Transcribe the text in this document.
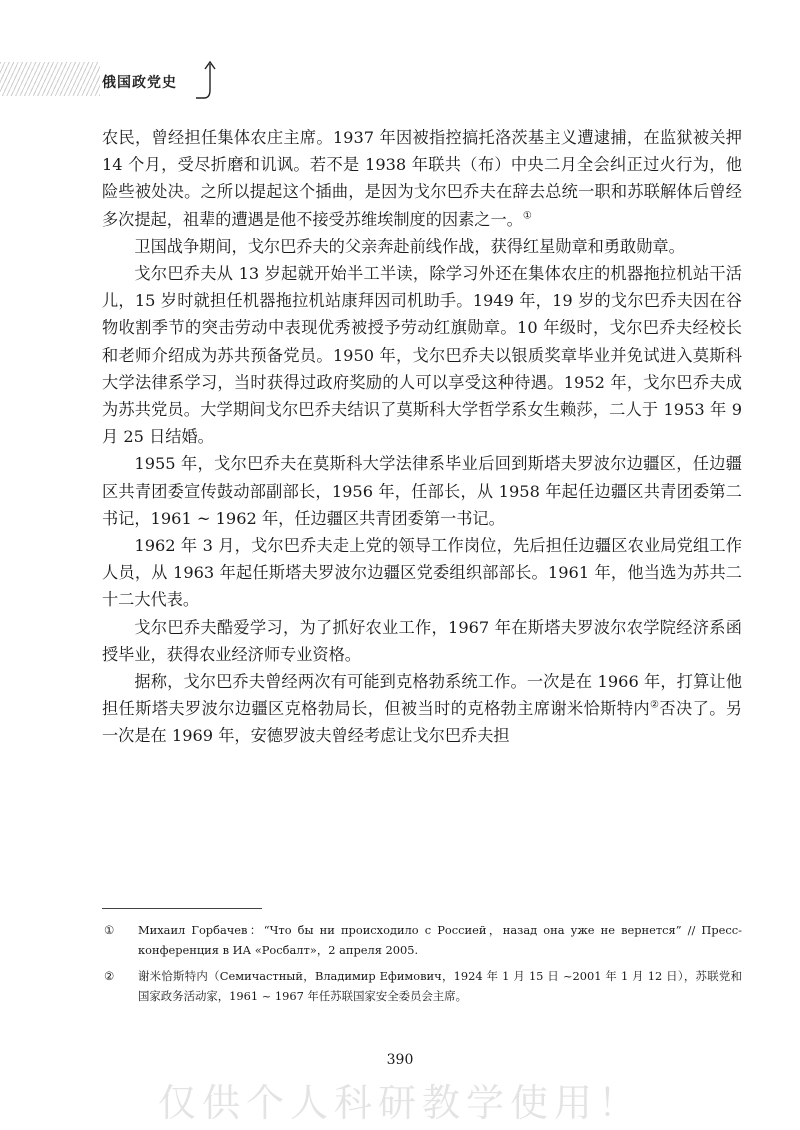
俄国政党史

农民，曾经担任集体农庄主席。1937 年因被指控搞托洛茨基主义遭逮捕，在监狱被关押 14 个月，受尽折磨和讥讽。若不是 1938 年联共（布）中央二月全会纠正过火行为，他险些被处决。之所以提起这个插曲，是因为戈尔巴乔夫在辞去总统一职和苏联解体后曾经多次提起，祖辈的遭遇是他不接受苏维埃制度的因素之一。①

卫国战争期间，戈尔巴乔夫的父亲奔赴前线作战，获得红星勋章和勇敢勋章。

戈尔巴乔夫从 13 岁起就开始半工半读，除学习外还在集体农庄的机器拖拉机站干活儿，15 岁时就担任机器拖拉机站康拜因司机助手。1949 年，19 岁的戈尔巴乔夫因在谷物收割季节的突击劳动中表现优秀被授予劳动红旗勋章。10 年级时，戈尔巴乔夫经校长和老师介绍成为苏共预备党员。1950 年，戈尔巴乔夫以银质奖章毕业并免试进入莫斯科大学法律系学习，当时获得过政府奖励的人可以享受这种待遇。1952 年，戈尔巴乔夫成为苏共党员。大学期间戈尔巴乔夫结识了莫斯科大学哲学系女生赖莎，二人于 1953 年 9 月 25 日结婚。

1955 年，戈尔巴乔夫在莫斯科大学法律系毕业后回到斯塔夫罗波尔边疆区，任边疆区共青团委宣传鼓动部副部长，1956 年，任部长，从 1958 年起任边疆区共青团委第二书记，1961 ~ 1962 年，任边疆区共青团委第一书记。

1962 年 3 月，戈尔巴乔夫走上党的领导工作岗位，先后担任边疆区农业局党组工作人员，从 1963 年起任斯塔夫罗波尔边疆区党委组织部部长。1961 年，他当选为苏共二十二大代表。

戈尔巴乔夫酷爱学习，为了抓好农业工作，1967 年在斯塔夫罗波尔农学院经济系函授毕业，获得农业经济师专业资格。

据称，戈尔巴乔夫曾经两次有可能到克格勃系统工作。一次是在 1966 年，打算让他担任斯塔夫罗波尔边疆区克格勃局长，但被当时的克格勃主席谢米恰斯特内②否决了。另一次是在 1969 年，安德罗波夫曾经考虑让戈尔巴乔夫担

① Михаил Горбачев：“Что бы ни происходило с Россией，назад она уже не вернется” // Пресс-конференция в ИА «Росбалт»，2 апреля 2005.
② 谢米恰斯特内（Семичастный，Владимир Ефимович，1924 年 1 月 15 日 ~2001 年 1 月 12 日），苏联党和国家政务活动家，1961 ~ 1967 年任苏联国家安全委员会主席。
390
仅供个人科研教学使用！
